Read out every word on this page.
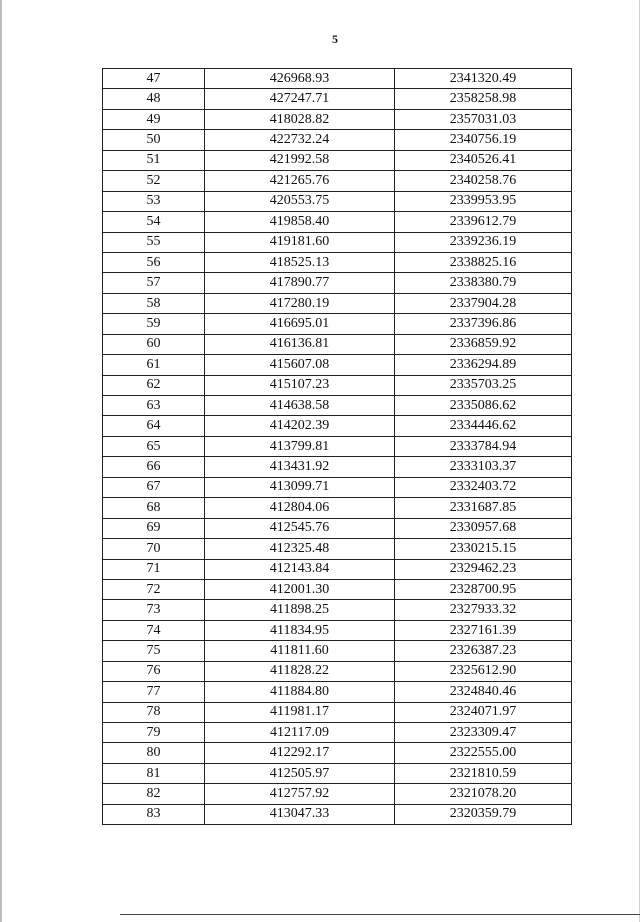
5
47	426968.93	2341320.49
48	427247.71	2358258.98
49	418028.82	2357031.03
50	422732.24	2340756.19
51	421992.58	2340526.41
52	421265.76	2340258.76
53	420553.75	2339953.95
54	419858.40	2339612.79
55	419181.60	2339236.19
56	418525.13	2338825.16
57	417890.77	2338380.79
58	417280.19	2337904.28
59	416695.01	2337396.86
60	416136.81	2336859.92
61	415607.08	2336294.89
62	415107.23	2335703.25
63	414638.58	2335086.62
64	414202.39	2334446.62
65	413799.81	2333784.94
66	413431.92	2333103.37
67	413099.71	2332403.72
68	412804.06	2331687.85
69	412545.76	2330957.68
70	412325.48	2330215.15
71	412143.84	2329462.23
72	412001.30	2328700.95
73	411898.25	2327933.32
74	411834.95	2327161.39
75	411811.60	2326387.23
76	411828.22	2325612.90
77	411884.80	2324840.46
78	411981.17	2324071.97
79	412117.09	2323309.47
80	412292.17	2322555.00
81	412505.97	2321810.59
82	412757.92	2321078.20
83	413047.33	2320359.79
